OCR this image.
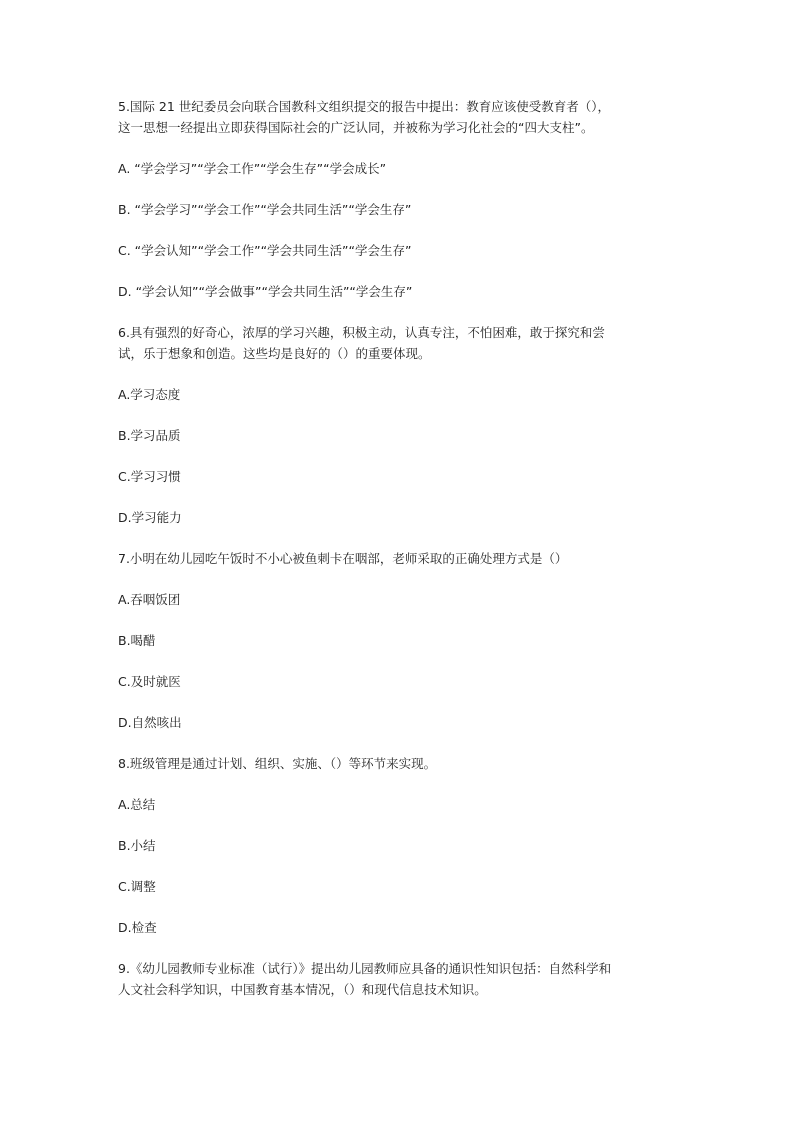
5.国际 21 世纪委员会向联合国教科文组织提交的报告中提出：教育应该使受教育者（），
这一思想一经提出立即获得国际社会的广泛认同，并被称为学习化社会的“四大支柱”。
A. “学会学习”“学会工作”“学会生存”“学会成长”
B. “学会学习”“学会工作”“学会共同生活”“学会生存”
C. “学会认知”“学会工作”“学会共同生活”“学会生存”
D. “学会认知”“学会做事”“学会共同生活”“学会生存”
6.具有强烈的好奇心，浓厚的学习兴趣，积极主动，认真专注，不怕困难，敢于探究和尝
试，乐于想象和创造。这些均是良好的（）的重要体现。
A.学习态度
B.学习品质
C.学习习惯
D.学习能力
7.小明在幼儿园吃午饭时不小心被鱼刺卡在咽部，老师采取的正确处理方式是（）
A.吞咽饭团
B.喝醋
C.及时就医
D.自然咳出
8.班级管理是通过计划、组织、实施、（）等环节来实现。
A.总结
B.小结
C.调整
D.检查
9.《幼儿园教师专业标准（试行）》提出幼儿园教师应具备的通识性知识包括：自然科学和
人文社会科学知识，中国教育基本情况，（）和现代信息技术知识。
